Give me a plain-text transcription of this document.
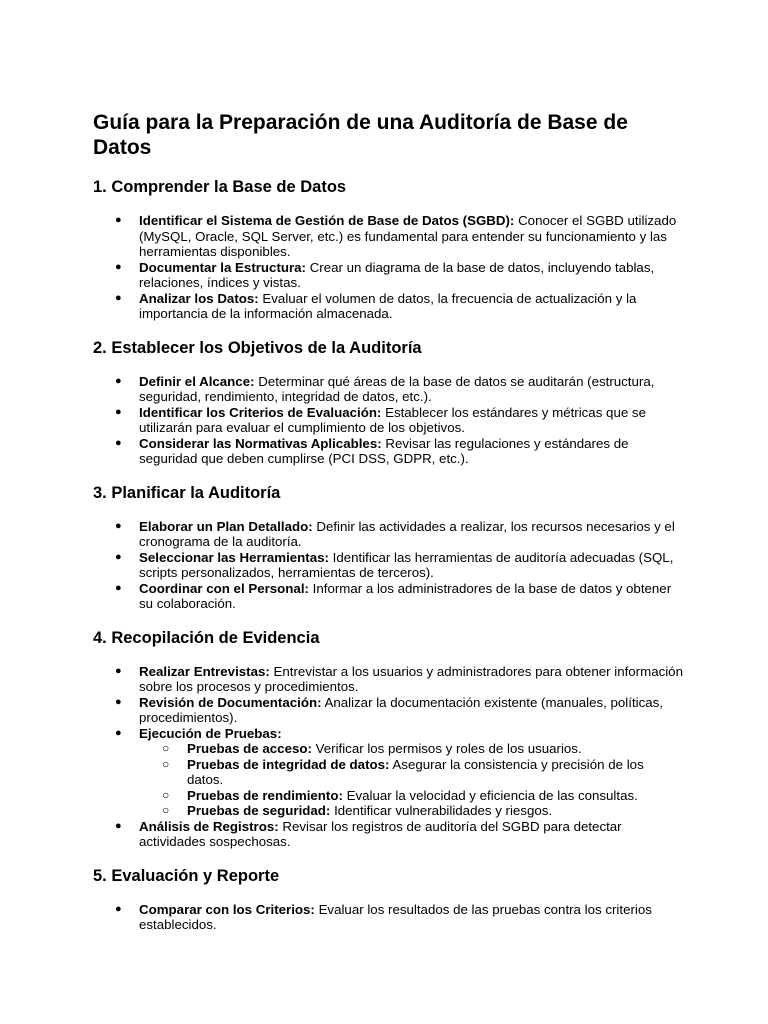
Guía para la Preparación de una Auditoría de Base de Datos
1. Comprender la Base de Datos
● Identificar el Sistema de Gestión de Base de Datos (SGBD): Conocer el SGBD utilizado (MySQL, Oracle, SQL Server, etc.) es fundamental para entender su funcionamiento y las herramientas disponibles.
● Documentar la Estructura: Crear un diagrama de la base de datos, incluyendo tablas, relaciones, índices y vistas.
● Analizar los Datos: Evaluar el volumen de datos, la frecuencia de actualización y la importancia de la información almacenada.
2. Establecer los Objetivos de la Auditoría
● Definir el Alcance: Determinar qué áreas de la base de datos se auditarán (estructura, seguridad, rendimiento, integridad de datos, etc.).
● Identificar los Criterios de Evaluación: Establecer los estándares y métricas que se utilizarán para evaluar el cumplimiento de los objetivos.
● Considerar las Normativas Aplicables: Revisar las regulaciones y estándares de seguridad que deben cumplirse (PCI DSS, GDPR, etc.).
3. Planificar la Auditoría
● Elaborar un Plan Detallado: Definir las actividades a realizar, los recursos necesarios y el cronograma de la auditoría.
● Seleccionar las Herramientas: Identificar las herramientas de auditoría adecuadas (SQL, scripts personalizados, herramientas de terceros).
● Coordinar con el Personal: Informar a los administradores de la base de datos y obtener su colaboración.
4. Recopilación de Evidencia
● Realizar Entrevistas: Entrevistar a los usuarios y administradores para obtener información sobre los procesos y procedimientos.
● Revisión de Documentación: Analizar la documentación existente (manuales, políticas, procedimientos).
● Ejecución de Pruebas:
○ Pruebas de acceso: Verificar los permisos y roles de los usuarios.
○ Pruebas de integridad de datos: Asegurar la consistencia y precisión de los datos.
○ Pruebas de rendimiento: Evaluar la velocidad y eficiencia de las consultas.
○ Pruebas de seguridad: Identificar vulnerabilidades y riesgos.
● Análisis de Registros: Revisar los registros de auditoría del SGBD para detectar actividades sospechosas.
5. Evaluación y Reporte
● Comparar con los Criterios: Evaluar los resultados de las pruebas contra los criterios establecidos.
